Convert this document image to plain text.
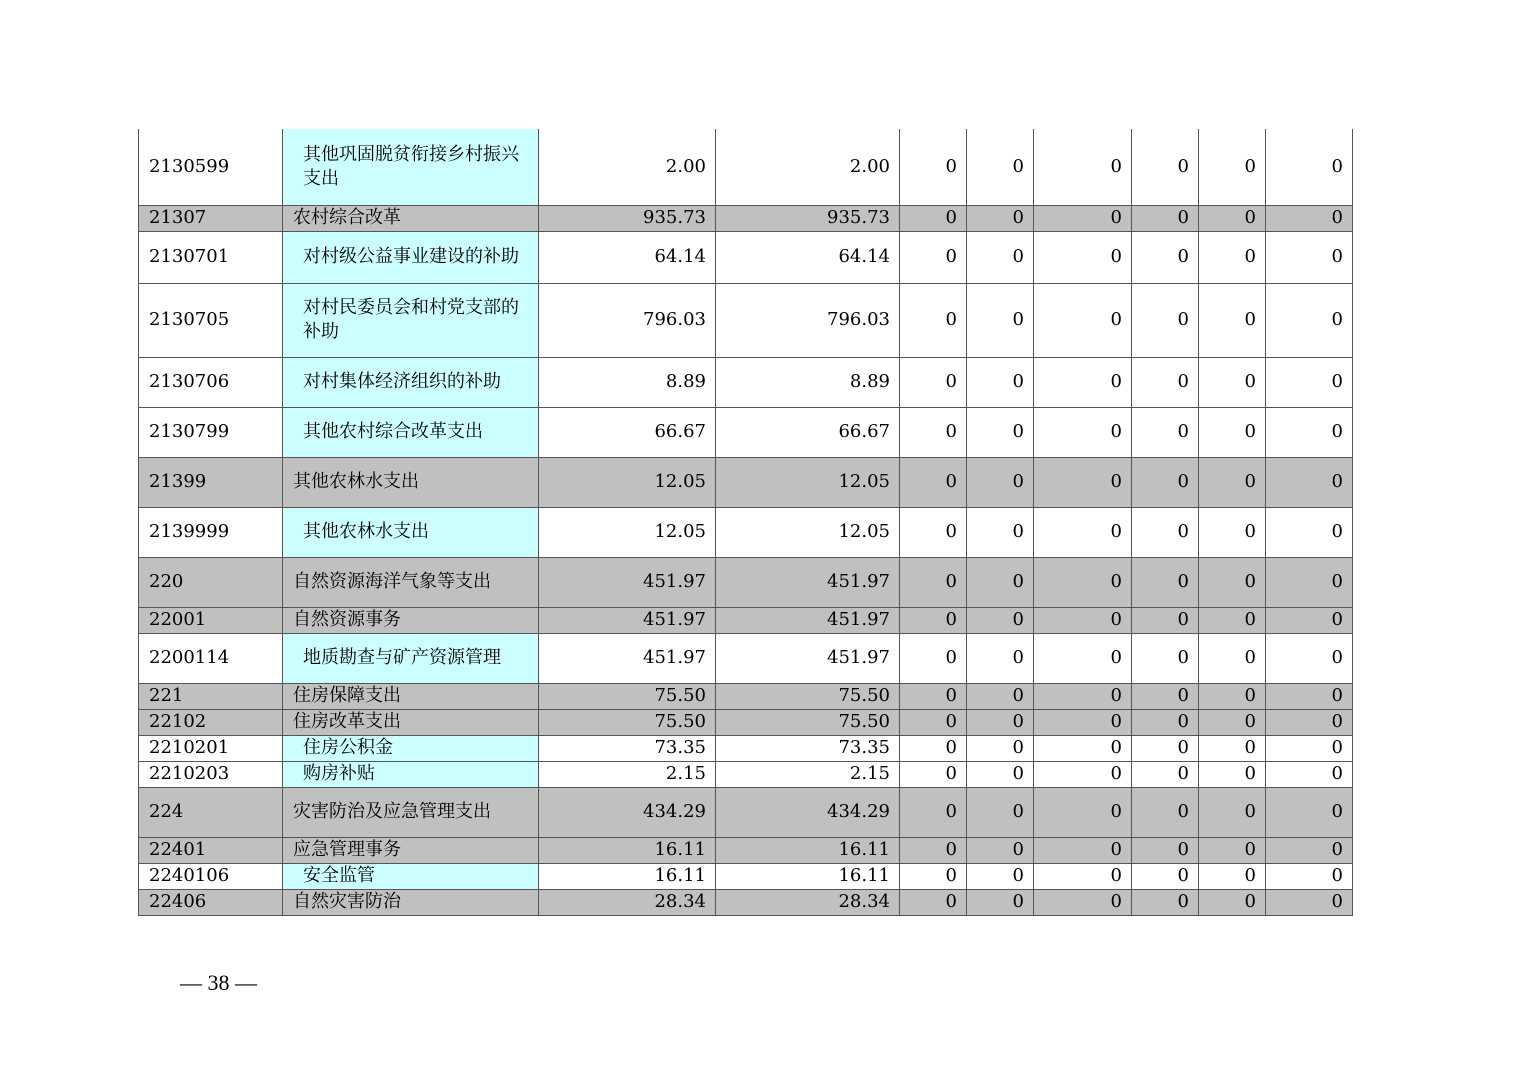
2130599	其他巩固脱贫衔接乡村振兴支出	2.00	2.00	0	0	0	0	0	0
21307	农村综合改革	935.73	935.73	0	0	0	0	0	0
2130701	对村级公益事业建设的补助	64.14	64.14	0	0	0	0	0	0
2130705	对村民委员会和村党支部的补助	796.03	796.03	0	0	0	0	0	0
2130706	对村集体经济组织的补助	8.89	8.89	0	0	0	0	0	0
2130799	其他农村综合改革支出	66.67	66.67	0	0	0	0	0	0
21399	其他农林水支出	12.05	12.05	0	0	0	0	0	0
2139999	其他农林水支出	12.05	12.05	0	0	0	0	0	0
220	自然资源海洋气象等支出	451.97	451.97	0	0	0	0	0	0
22001	自然资源事务	451.97	451.97	0	0	0	0	0	0
2200114	地质勘查与矿产资源管理	451.97	451.97	0	0	0	0	0	0
221	住房保障支出	75.50	75.50	0	0	0	0	0	0
22102	住房改革支出	75.50	75.50	0	0	0	0	0	0
2210201	住房公积金	73.35	73.35	0	0	0	0	0	0
2210203	购房补贴	2.15	2.15	0	0	0	0	0	0
224	灾害防治及应急管理支出	434.29	434.29	0	0	0	0	0	0
22401	应急管理事务	16.11	16.11	0	0	0	0	0	0
2240106	安全监管	16.11	16.11	0	0	0	0	0	0
22406	自然灾害防治	28.34	28.34	0	0	0	0	0	0
— 38 —
